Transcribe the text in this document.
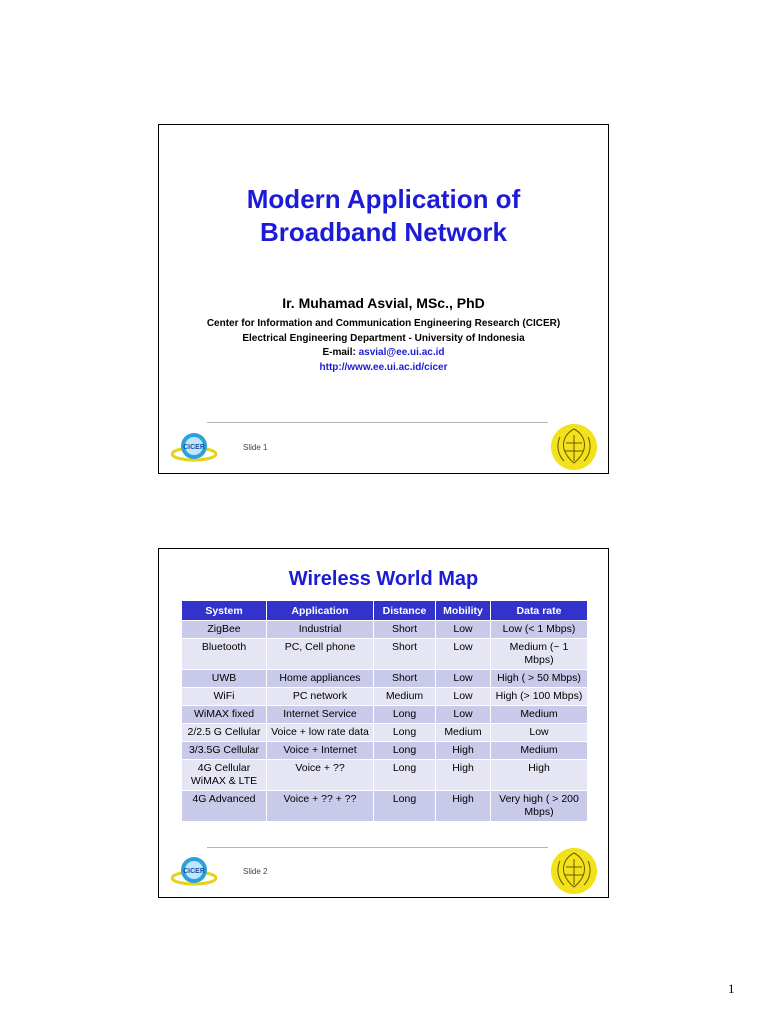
Modern Application of
Broadband Network
Ir. Muhamad Asvial, MSc., PhD
Center for Information and Communication Engineering Research (CICER)
Electrical Engineering Department - University of Indonesia
E-mail: asvial@ee.ui.ac.id
http://www.ee.ui.ac.id/cicer
Slide 1
CICER
Wireless World Map
System	Application	Distance	Mobility	Data rate
ZigBee	Industrial	Short	Low	Low (< 1 Mbps)
Bluetooth	PC, Cell phone	Short	Low	Medium (~ 1 Mbps)
UWB	Home appliances	Short	Low	High ( > 50 Mbps)
WiFi	PC network	Medium	Low	High (> 100 Mbps)
WiMAX fixed	Internet Service	Long	Low	Medium
2/2.5 G Cellular	Voice + low rate data	Long	Medium	Low
3/3.5G Cellular	Voice + Internet	Long	High	Medium
4G Cellular WiMAX & LTE	Voice + ??	Long	High	High
4G Advanced	Voice + ?? + ??	Long	High	Very high ( > 200 Mbps)
Slide 2
CICER
1
